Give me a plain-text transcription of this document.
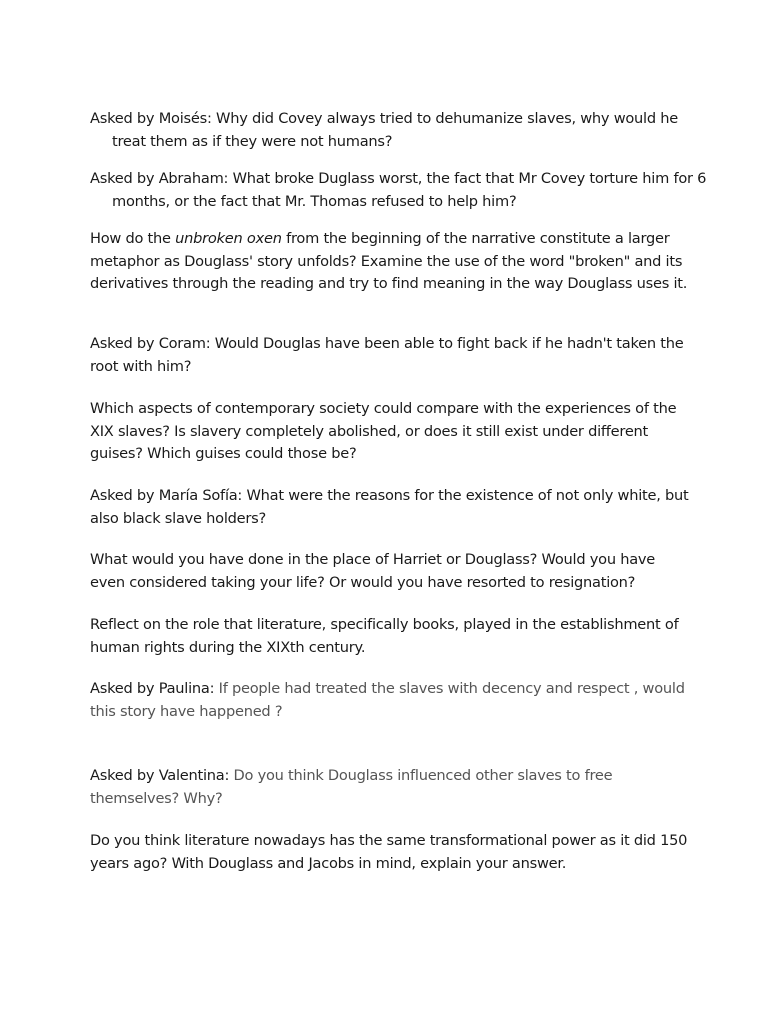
Asked by Moisés: Why did Covey always tried to dehumanize slaves, why would he treat them as if they were not humans?

Asked by Abraham: What broke Duglass worst, the fact that Mr Covey torture him for 6 months, or the fact that Mr. Thomas refused to help him?

How do the unbroken oxen from the beginning of the narrative constitute a larger metaphor as Douglass' story unfolds? Examine the use of the word "broken" and its derivatives through the reading and try to find meaning in the way Douglass uses it.

Asked by Coram: Would Douglas have been able to fight back if he hadn't taken the root with him?

Which aspects of contemporary society could compare with the experiences of the XIX slaves? Is slavery completely abolished, or does it still exist under different guises? Which guises could those be?

Asked by María Sofía: What were the reasons for the existence of not only white, but also black slave holders?

What would you have done in the place of Harriet or Douglass? Would you have even considered taking your life? Or would you have resorted to resignation?

Reflect on the role that literature, specifically books, played in the establishment of human rights during the XIXth century.

Asked by Paulina: If people had treated the slaves with decency and respect , would this story have happened ?

Asked by Valentina: Do you think Douglass influenced other slaves to free themselves? Why?

Do you think literature nowadays has the same transformational power as it did 150 years ago? With Douglass and Jacobs in mind, explain your answer.
